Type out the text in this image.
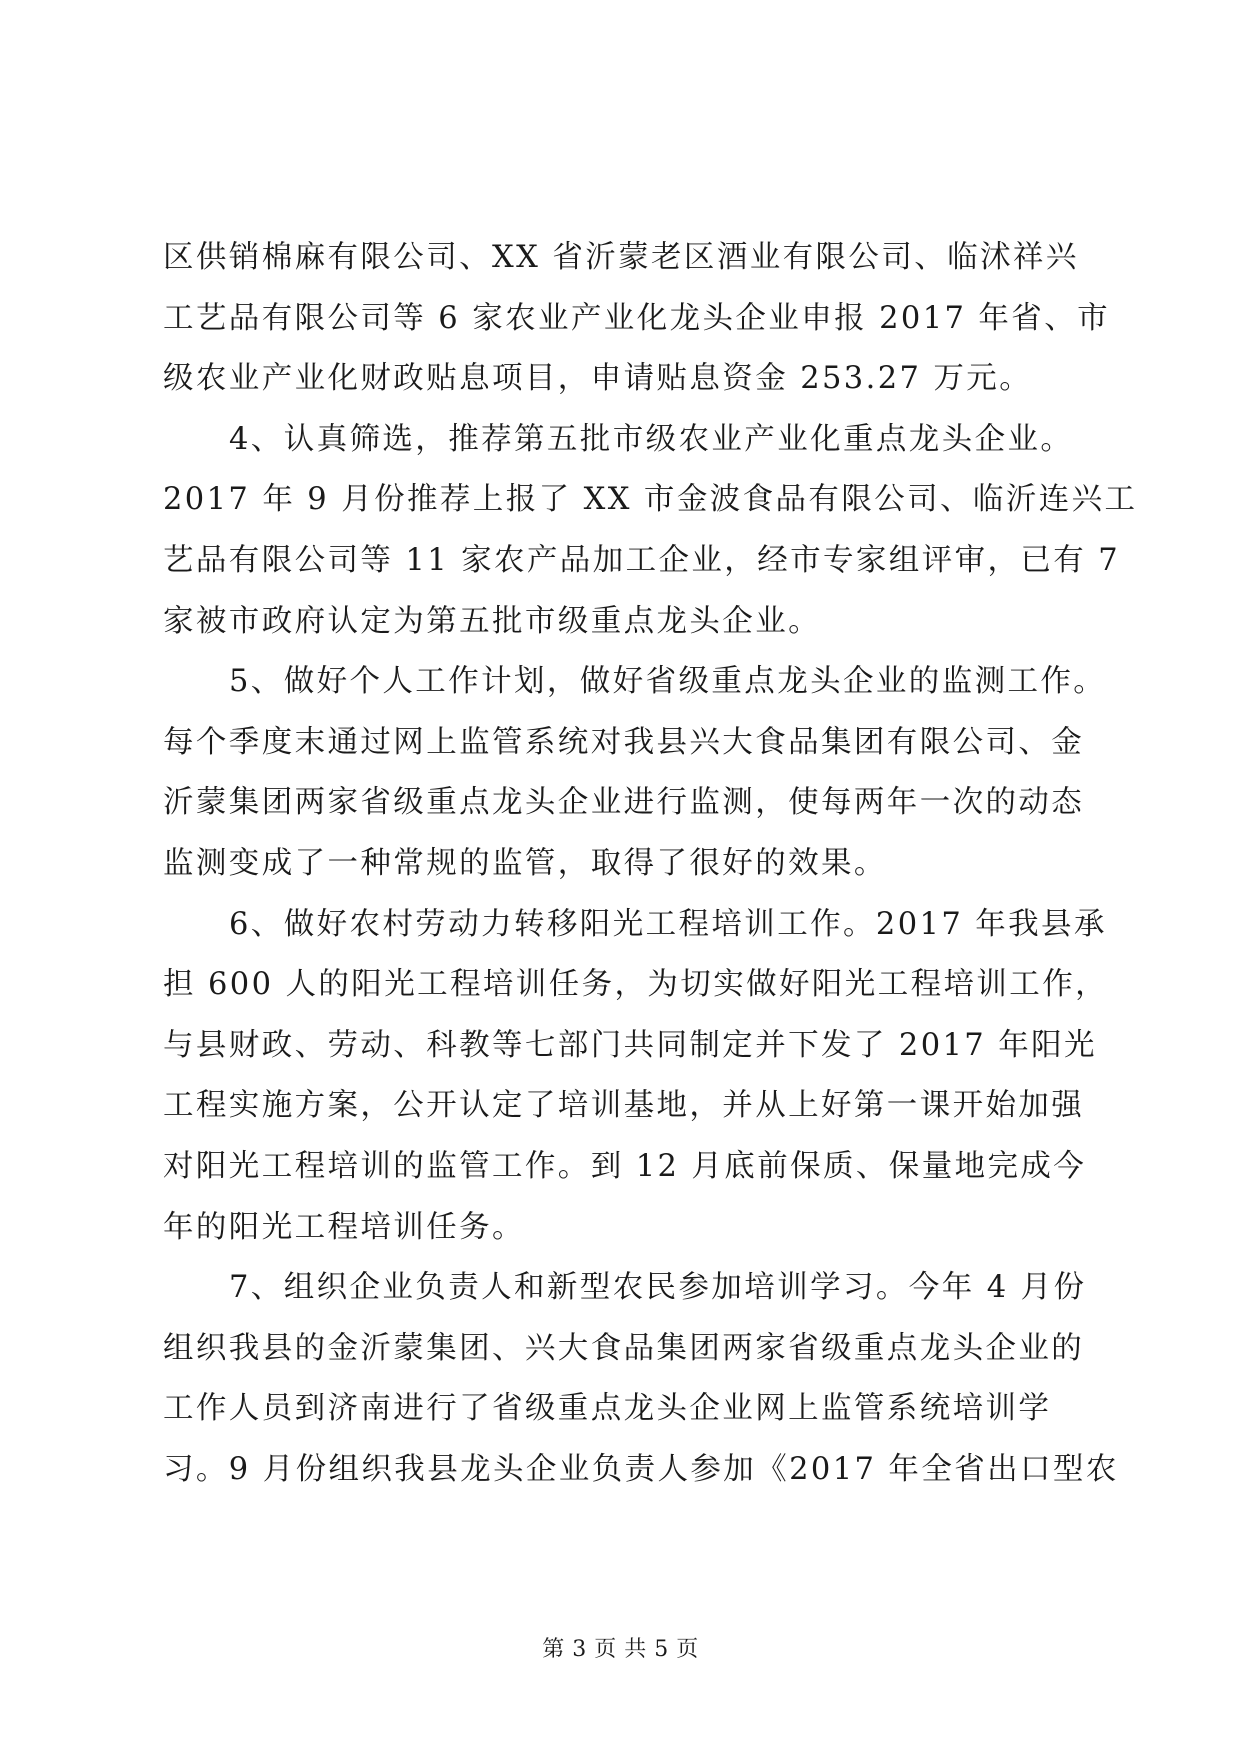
区供销棉麻有限公司、XX 省沂蒙老区酒业有限公司、临沭祥兴
工艺品有限公司等 6 家农业产业化龙头企业申报 2017 年省、市
级农业产业化财政贴息项目，申请贴息资金 253.27 万元。
4、认真筛选，推荐第五批市级农业产业化重点龙头企业。
2017 年 9 月份推荐上报了 XX 市金波食品有限公司、临沂连兴工
艺品有限公司等 11 家农产品加工企业，经市专家组评审，已有 7
家被市政府认定为第五批市级重点龙头企业。
5、做好个人工作计划，做好省级重点龙头企业的监测工作。
每个季度末通过网上监管系统对我县兴大食品集团有限公司、金
沂蒙集团两家省级重点龙头企业进行监测，使每两年一次的动态
监测变成了一种常规的监管，取得了很好的效果。
6、做好农村劳动力转移阳光工程培训工作。2017 年我县承
担 600 人的阳光工程培训任务，为切实做好阳光工程培训工作，
与县财政、劳动、科教等七部门共同制定并下发了 2017 年阳光
工程实施方案，公开认定了培训基地，并从上好第一课开始加强
对阳光工程培训的监管工作。到 12 月底前保质、保量地完成今
年的阳光工程培训任务。
7、组织企业负责人和新型农民参加培训学习。今年 4 月份
组织我县的金沂蒙集团、兴大食品集团两家省级重点龙头企业的
工作人员到济南进行了省级重点龙头企业网上监管系统培训学
习。9 月份组织我县龙头企业负责人参加《2017 年全省出口型农
第 3 页 共 5 页
